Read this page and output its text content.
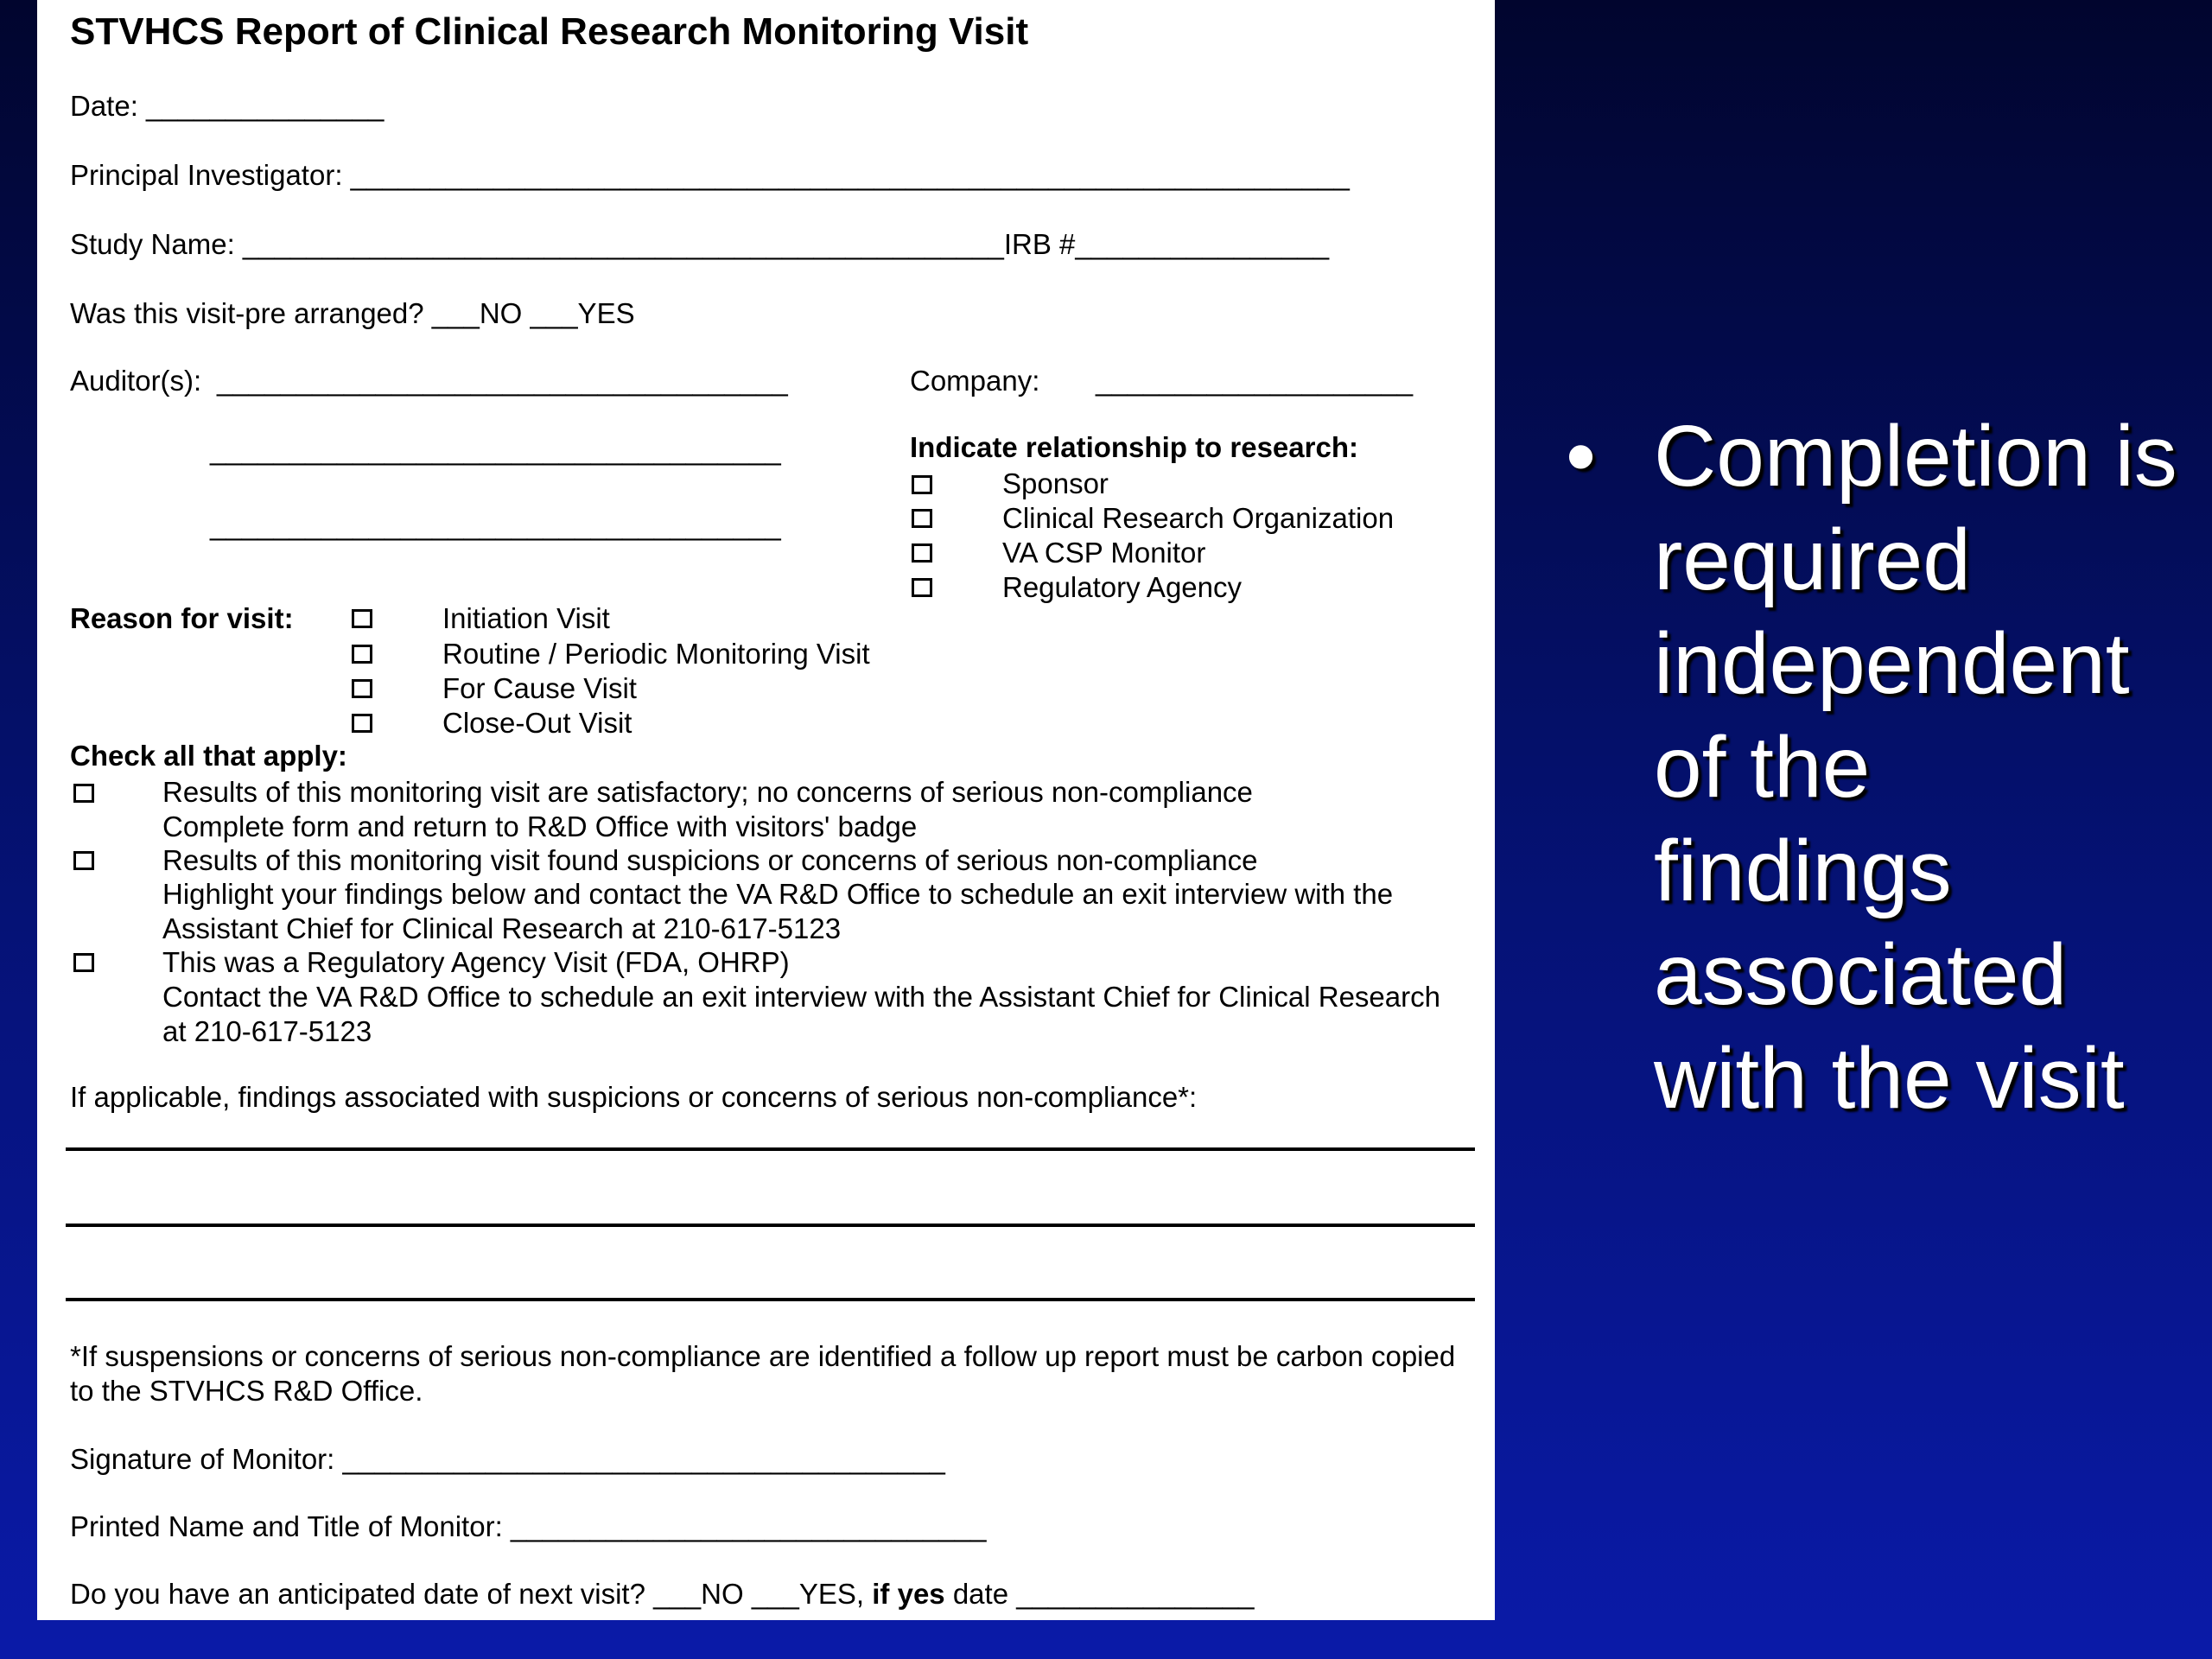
STVHCS Report of Clinical Research Monitoring Visit
Date: _______________
Principal Investigator: _______________________________________________________________
Study Name: ________________________________________________IRB #________________
Was this visit-pre arranged? ___NO ___YES
Auditor(s): ____________________________________
____________________________________
____________________________________
Company: ____________________
Indicate relationship to research:
Sponsor
Clinical Research Organization
VA CSP Monitor
Regulatory Agency
Reason for visit:	Initiation Visit
Routine / Periodic Monitoring Visit
For Cause Visit
Close-Out Visit
Check all that apply:
Results of this monitoring visit are satisfactory; no concerns of serious non-compliance
Complete form and return to R&D Office with visitors' badge
Results of this monitoring visit found suspicions or concerns of serious non-compliance
Highlight your findings below and contact the VA R&D Office to schedule an exit interview with the
Assistant Chief for Clinical Research at 210-617-5123
This was a Regulatory Agency Visit (FDA, OHRP)
Contact the VA R&D Office to schedule an exit interview with the Assistant Chief for Clinical Research
at 210-617-5123
If applicable, findings associated with suspicions or concerns of serious non-compliance*:
*If suspensions or concerns of serious non-compliance are identified a follow up report must be carbon copied
to the STVHCS R&D Office.
Signature of Monitor: ______________________________________
Printed Name and Title of Monitor: ______________________________
Do you have an anticipated date of next visit? ___NO ___YES, if yes date _______________
• Completion is required independent of the findings associated with the visit
